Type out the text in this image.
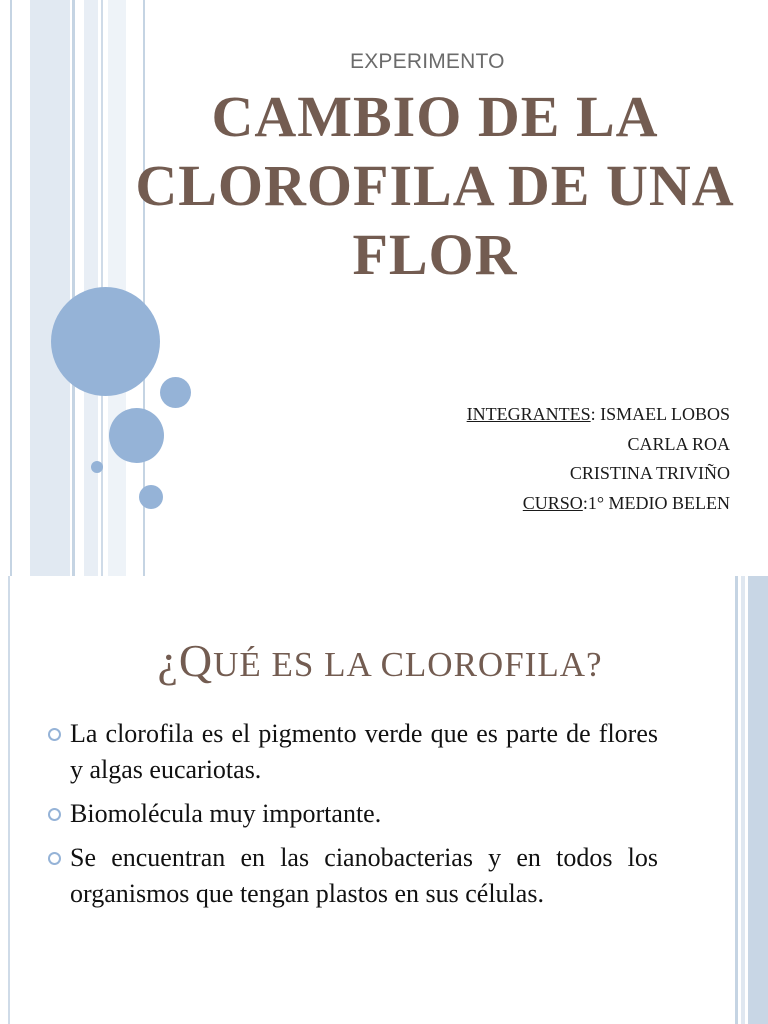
EXPERIMENTO
CAMBIO DE LA
CLOROFILA DE UNA
FLOR
INTEGRANTES: ISMAEL LOBOS
CARLA ROA
CRISTINA TRIVIÑO
CURSO:1° MEDIO BELEN
¿QUÉ ES LA CLOROFILA?
La clorofila es el pigmento verde que es parte de flores y algas eucariotas.
Biomolécula muy importante.
Se encuentran en las cianobacterias y en todos los organismos que tengan plastos en sus células.
